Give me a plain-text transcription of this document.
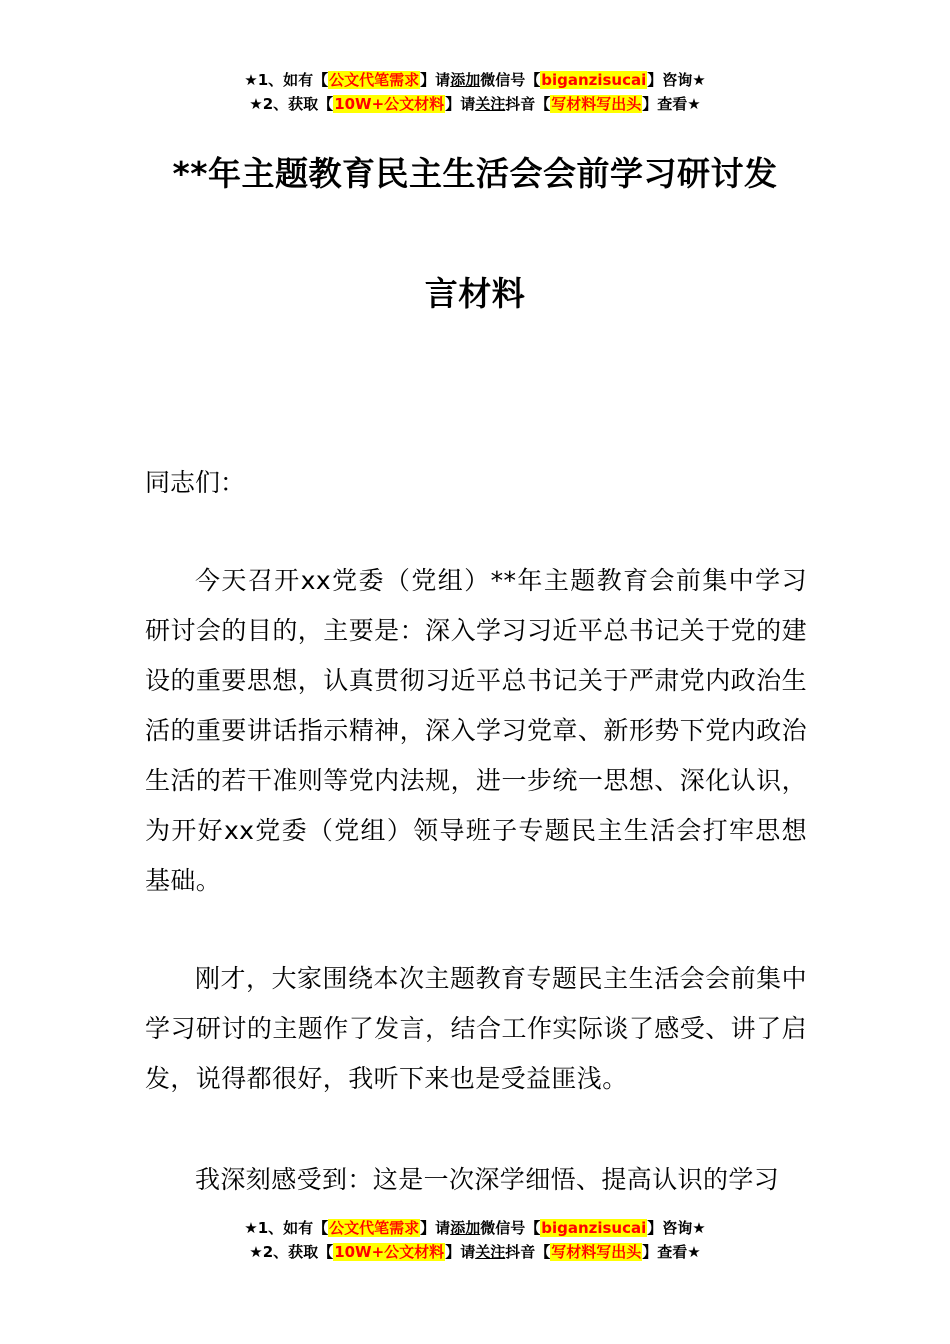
★1、如有【公文代笔需求】请添加微信号【biganzisucai】咨询★
★2、获取【10W+公文材料】请关注抖音【写材料写出头】查看★
**年主题教育民主生活会会前学习研讨发
言材料
同志们：
今天召开xx党委（党组）**年主题教育会前集中学习研讨会的目的，主要是：深入学习习近平总书记关于党的建设的重要思想，认真贯彻习近平总书记关于严肃党内政治生活的重要讲话指示精神，深入学习党章、新形势下党内政治生活的若干准则等党内法规，进一步统一思想、深化认识，为开好xx党委（党组）领导班子专题民主生活会打牢思想基础。
刚才，大家围绕本次主题教育专题民主生活会会前集中学习研讨的主题作了发言，结合工作实际谈了感受、讲了启发，说得都很好，我听下来也是受益匪浅。
我深刻感受到：这是一次深学细悟、提高认识的学习
★1、如有【公文代笔需求】请添加微信号【biganzisucai】咨询★
★2、获取【10W+公文材料】请关注抖音【写材料写出头】查看★
